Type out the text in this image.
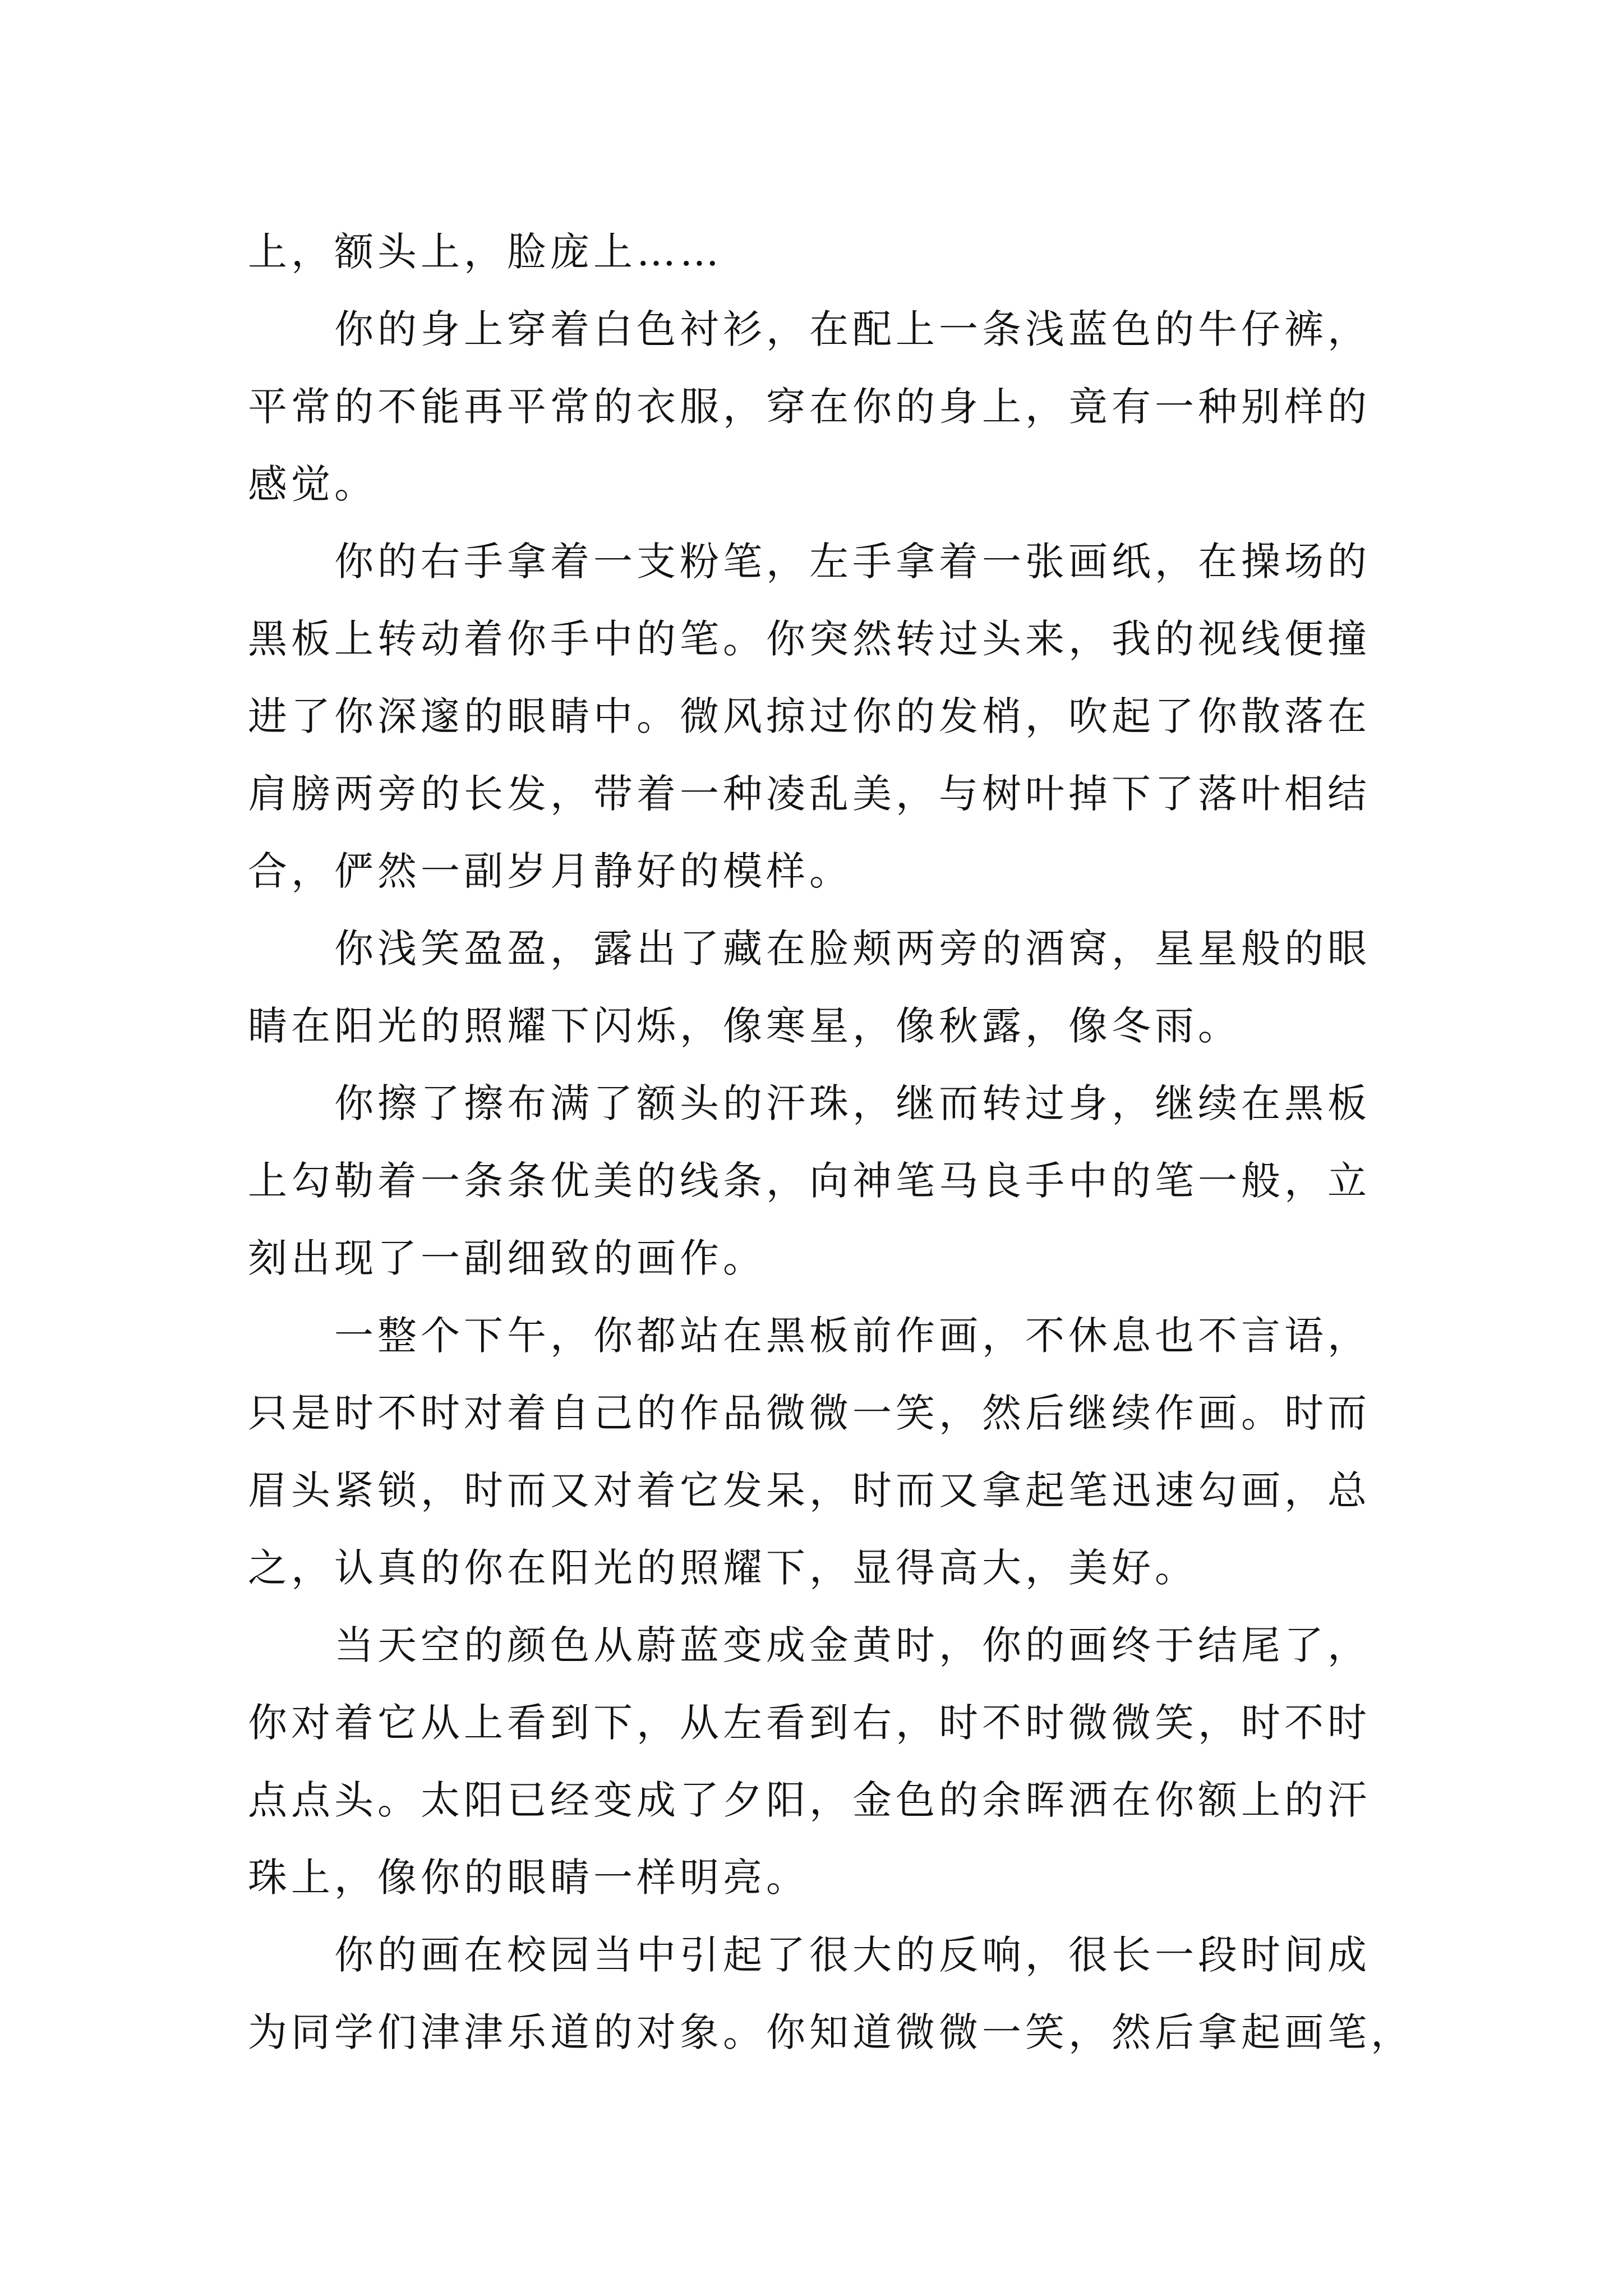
上，额头上，脸庞上……
你的身上穿着白色衬衫，在配上一条浅蓝色的牛仔裤，
平常的不能再平常的衣服，穿在你的身上，竟有一种别样的
感觉。
你的右手拿着一支粉笔，左手拿着一张画纸，在操场的
黑板上转动着你手中的笔。你突然转过头来，我的视线便撞
进了你深邃的眼睛中。微风掠过你的发梢，吹起了你散落在
肩膀两旁的长发，带着一种凌乱美，与树叶掉下了落叶相结
合，俨然一副岁月静好的模样。
你浅笑盈盈，露出了藏在脸颊两旁的酒窝，星星般的眼
睛在阳光的照耀下闪烁，像寒星，像秋露，像冬雨。
你擦了擦布满了额头的汗珠，继而转过身，继续在黑板
上勾勒着一条条优美的线条，向神笔马良手中的笔一般，立
刻出现了一副细致的画作。
一整个下午，你都站在黑板前作画，不休息也不言语，
只是时不时对着自己的作品微微一笑，然后继续作画。时而
眉头紧锁，时而又对着它发呆，时而又拿起笔迅速勾画，总
之，认真的你在阳光的照耀下，显得高大，美好。
当天空的颜色从蔚蓝变成金黄时，你的画终于结尾了，
你对着它从上看到下，从左看到右，时不时微微笑，时不时
点点头。太阳已经变成了夕阳，金色的余晖洒在你额上的汗
珠上，像你的眼睛一样明亮。
你的画在校园当中引起了很大的反响，很长一段时间成
为同学们津津乐道的对象。你知道微微一笑，然后拿起画笔，
